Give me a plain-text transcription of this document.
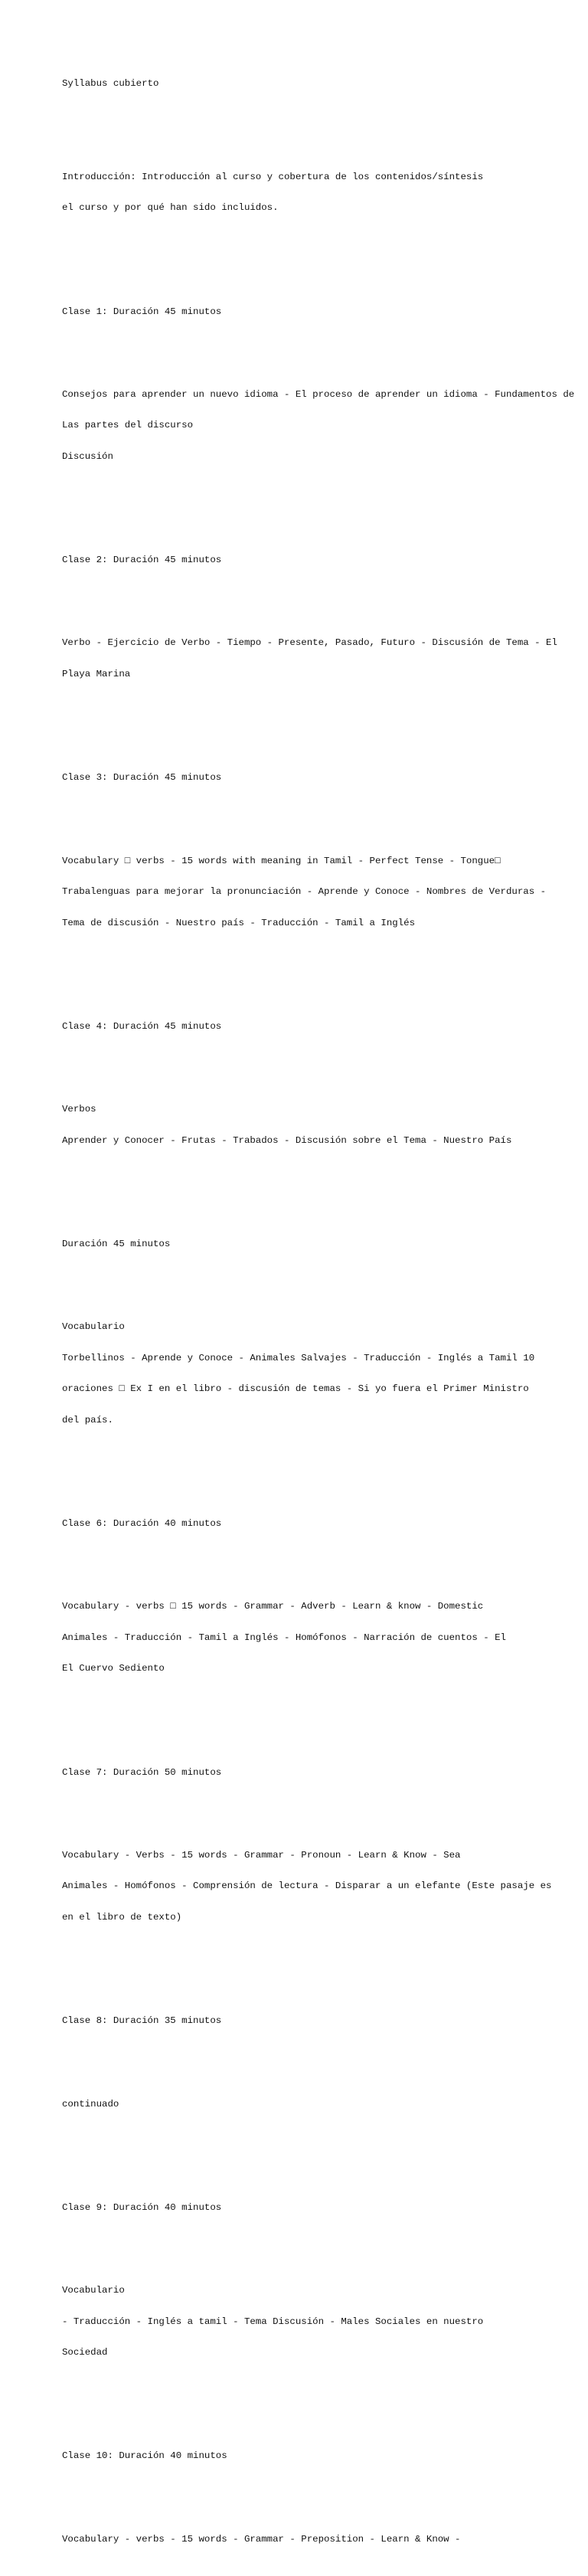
Syllabus cubierto

Introducción: Introducción al curso y cobertura de los contenidos/síntesis

el curso y por qué han sido incluidos.

Clase 1: Duración 45 minutos

Consejos para aprender un nuevo idioma - El proceso de aprender un idioma - Fundamentos de

Las partes del discurso

Discusión

Clase 2: Duración 45 minutos

Verbo - Ejercicio de Verbo - Tiempo - Presente, Pasado, Futuro - Discusión de Tema - El

Playa Marina

Clase 3: Duración 45 minutos

Vocabulary □ verbs - 15 words with meaning in Tamil - Perfect Tense - Tongue□

Trabalenguas para mejorar la pronunciación - Aprende y Conoce - Nombres de Verduras -

Tema de discusión - Nuestro país - Traducción - Tamil a Inglés

Clase 4: Duración 45 minutos

Verbos

Aprender y Conocer - Frutas - Trabados - Discusión sobre el Tema - Nuestro País

Duración 45 minutos

Vocabulario

Torbellinos - Aprende y Conoce - Animales Salvajes - Traducción - Inglés a Tamil 10

oraciones □ Ex I en el libro - discusión de temas - Si yo fuera el Primer Ministro

del país.

Clase 6: Duración 40 minutos

Vocabulary - verbs □ 15 words - Grammar - Adverb - Learn & know - Domestic

Animales - Traducción - Tamil a Inglés - Homófonos - Narración de cuentos - El

El Cuervo Sediento

Clase 7: Duración 50 minutos

Vocabulary - Verbs - 15 words - Grammar - Pronoun - Learn & Know - Sea

Animales - Homófonos - Comprensión de lectura - Disparar a un elefante (Este pasaje es

en el libro de texto)

Clase 8: Duración 35 minutos

continuado

Clase 9: Duración 40 minutos

Vocabulario

- Traducción - Inglés a tamil - Tema Discusión - Males Sociales en nuestro

Sociedad

Clase 10: Duración 40 minutos

Vocabulary - verbs - 15 words - Grammar - Preposition - Learn & Know -
